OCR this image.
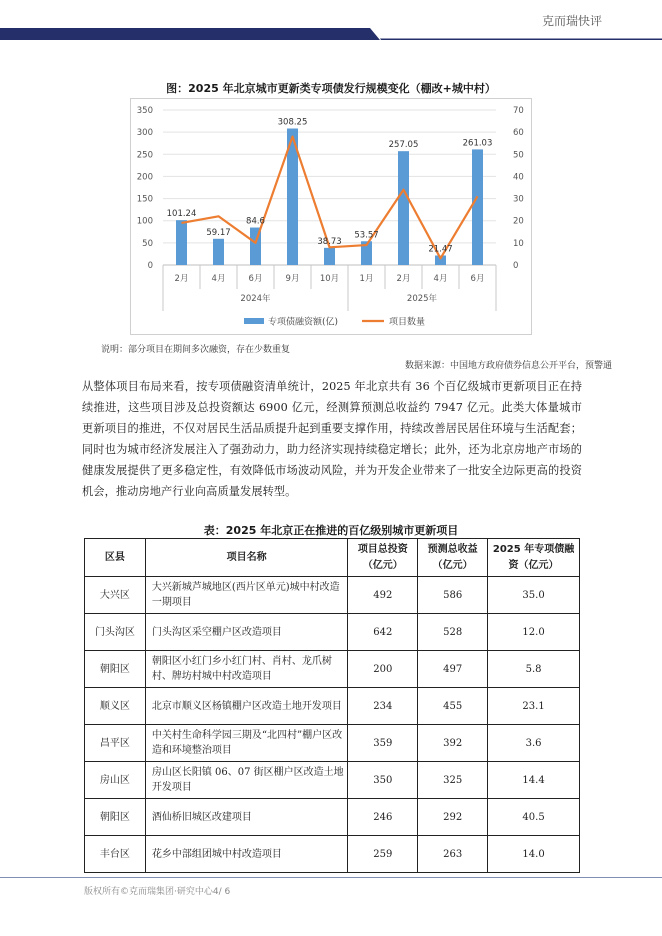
克而瑞快评
图：2025 年北京城市更新类专项债发行规模变化（棚改+城中村）
0
50
100
150
200
250
300
350
0
10
20
30
40
50
60
70
101.24
59.17
84.6
308.25
38.73
53.57
257.05
21.47
261.03
2月	4月	6月	9月 10月 1月	2月	4月	6月
2024年	2025年
专项债融资额(亿)	项目数量
说明：部分项目在期间多次融资，存在少数重复
数据来源：中国地方政府债券信息公开平台，预警通
从整体项目布局来看，按专项债融资清单统计，2025 年北京共有 36 个百亿级城市更新项目正在持续推进，这些项目涉及总投资额达 6900 亿元，经测算预测总收益约 7947 亿元。此类大体量城市更新项目的推进，不仅对居民生活品质提升起到重要支撑作用，持续改善居民居住环境与生活配套；同时也为城市经济发展注入了强劲动力，助力经济实现持续稳定增长；此外，还为北京房地产市场的健康发展提供了更多稳定性，有效降低市场波动风险，并为开发企业带来了一批安全边际更高的投资机会，推动房地产行业向高质量发展转型。
表：2025 年北京正在推进的百亿级别城市更新项目
区县	项目名称	项目总投资（亿元）	预测总收益（亿元）	2025 年专项债融资（亿元）
大兴区	大兴新城芦城地区(西片区单元)城中村改造一期项目	492	586	35.0
门头沟区	门头沟区采空棚户区改造项目	642	528	12.0
朝阳区	朝阳区小红门乡小红门村、肖村、龙爪树村、牌坊村城中村改造项目	200	497	5.8
顺义区	北京市顺义区杨镇棚户区改造土地开发项目	234	455	23.1
昌平区	中关村生命科学园三期及“北四村”棚户区改造和环境整治项目	359	392	3.6
房山区	房山区长阳镇 06、07 街区棚户区改造土地开发项目	350	325	14.4
朝阳区	酒仙桥旧城区改建项目	246	292	40.5
丰台区	花乡中部组团城中村改造项目	259	263	14.0
版权所有©克而瑞集团·研究中心4/ 6
